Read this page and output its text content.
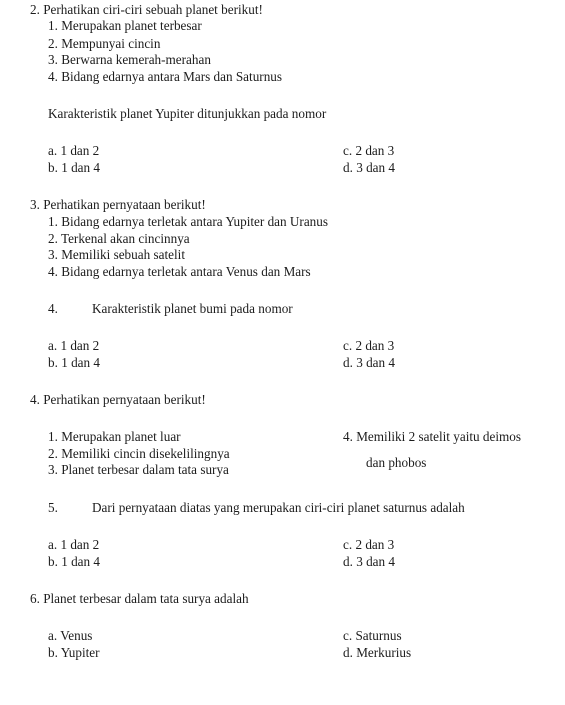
2. Perhatikan ciri-ciri sebuah planet berikut!
1. Merupakan planet terbesar
2. Mempunyai cincin
3. Berwarna kemerah-merahan
4. Bidang edarnya antara Mars dan Saturnus
Karakteristik planet Yupiter ditunjukkan pada nomor
a. 1 dan 2	c. 2 dan 3
b. 1 dan 4	d. 3 dan 4
3. Perhatikan pernyataan berikut!
1. Bidang edarnya terletak antara Yupiter dan Uranus
2. Terkenal akan cincinnya
3. Memiliki sebuah satelit
4. Bidang edarnya terletak antara Venus dan Mars
4.	Karakteristik planet bumi pada nomor
a. 1 dan 2	c. 2 dan 3
b. 1 dan 4	d. 3 dan 4
4. Perhatikan pernyataan berikut!
1. Merupakan planet luar
2. Memiliki cincin disekelilingnya
3. Planet terbesar dalam tata surya
4. Memiliki 2 satelit yaitu deimos
dan phobos
5.	Dari pernyataan diatas yang merupakan ciri-ciri planet saturnus adalah
a. 1 dan 2	c. 2 dan 3
b. 1 dan 4	d. 3 dan 4
6. Planet terbesar dalam tata surya adalah
a. Venus	c. Saturnus
b. Yupiter	d. Merkurius
